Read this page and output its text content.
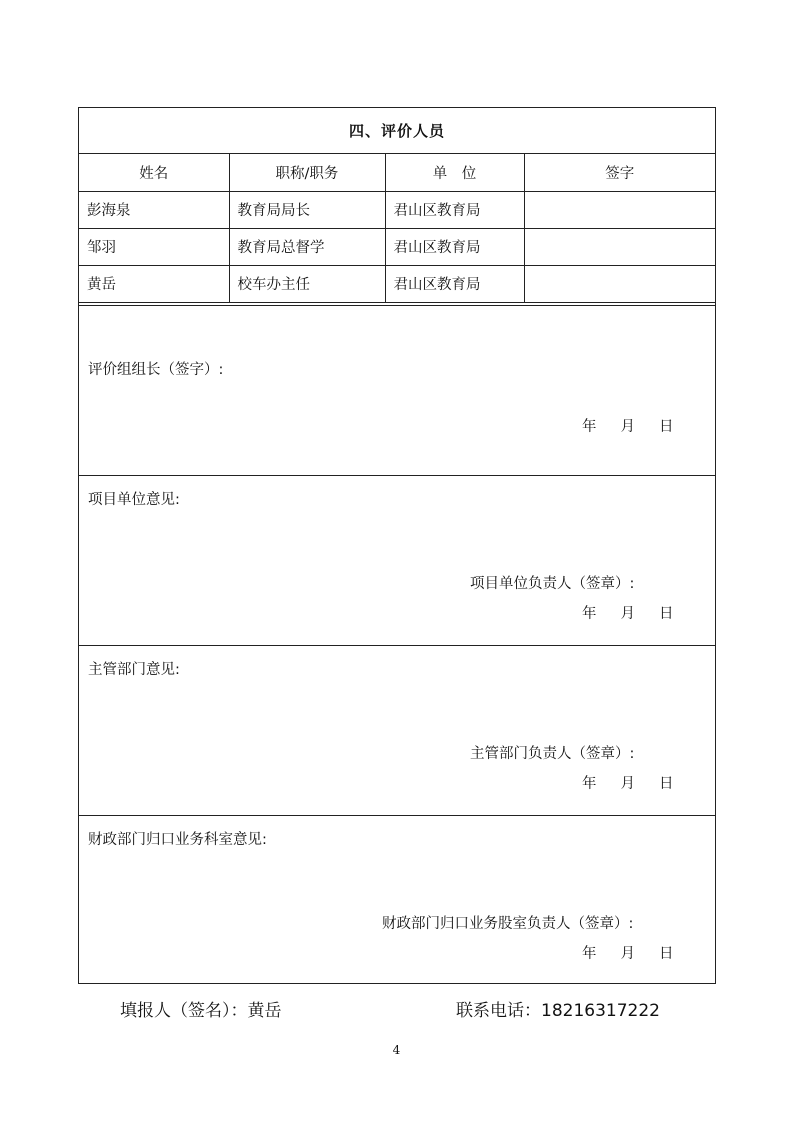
四、评价人员
姓名	职称/职务	单　位	签字
彭海泉	教育局局长	君山区教育局	
邹羽	教育局总督学	君山区教育局	
黄岳	校车办主任	君山区教育局	
评价组组长（签字）:
年 月 日
项目单位意见:
项目单位负责人（签章）:
年 月 日
主管部门意见:
主管部门负责人（签章）:
年 月 日
财政部门归口业务科室意见:
财政部门归口业务股室负责人（签章）:
年 月 日
填报人（签名）：黄岳	联系电话：18216317222
4
